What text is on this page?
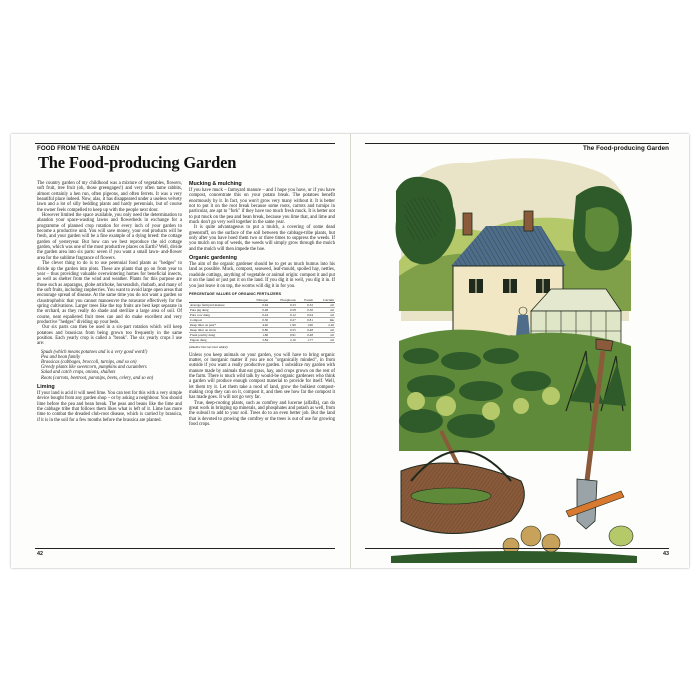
FOOD FROM THE GARDEN
The Food-producing Garden

The country garden of my childhood was a mixture of vegetables, flowers, soft fruit, tree fruit (oh, those greengages!) and very often tame rabbits, almost certainly a hen run, often pigeons, and often ferrets. It was a very beautiful place indeed. Now, alas, it has disappeared under a useless velvety lawn and a lot of silly bedding plants and hardy perennials, but of course the owner feels compelled to keep up with the people next door.

However limited the space available, you only need the determination to abandon your space-wasting lawns and flowerbeds in exchange for a programme of planned crop rotation for every inch of your garden to become a productive unit. You will save money, your end products will be fresh, and your garden will be a fine example of a dying breed: the cottage garden of yesteryear. But how can we best reproduce the old cottage garden, which was one of the most productive places on Earth? Well, divide the garden area into six parts: seven if you want a small lawn- and-flower area for the sublime fragrance of flowers.

The clever thing to do is to use perennial food plants as "hedges" to divide up the garden into plots. These are plants that go on from year to year – thus providing valuable overwintering homes for beneficial insects, as well as shelter from the wind and weather. Plants for this purpose are those such as asparagus, globe artichoke, horseradish, rhubarb, and many of the soft fruits, including raspberries. You want to avoid large open areas that encourage spread of disease. At the same time you do not want a garden so claustrophobic that you cannot manoeuvre the rotavator effectively for the spring cultivations. Larger trees like the top fruits are best kept separate in the orchard, as they really do shade and sterilize a large area of soil. Of course, neat espaliered fruit trees can and do make excellent and very productive "hedges" dividing up your beds.

Our six parts can then be used in a six-part rotation which will keep potatoes and brassicas from being grown too frequently in the same position. Each yearly crop is called a "break". The six yearly crops I use are:

Spuds (which means potatoes and is a very good word!)
Pea and bean family
Brassicas (cabbages, broccoli, turnips, and so on)
Greedy plants like sweetcorn, pumpkins and cucumbers
Salad and catch crops, onions, shallots
Roots (carrots, beetroot, parsnips, beets, celery, and so on)
Liming

If your land is acid it will need lime. You can test for this with a very simple device bought from any garden shop – or by asking a neighbour. You should lime before the pea and bean break. The peas and beans like the lime and the cabbage tribe that follows them likes what is left of it. Lime has more time to combat the dreaded club-root disease, which is carried by brassica, if it is in the soil for a few months before the brassica are planted.

Mucking & mulching

If you have muck – farmyard manure – and I hope you have, or if you have compost, concentrate this on your potato break. The potatoes benefit enormously by it. In fact, you won't grow very many without it. It is better not to put it on the root break because some roots, carrots and turnips in particular, are apt to "fork" if they have too much fresh muck. It is better not to put muck on the pea and bean break, because you lime that, and lime and muck don't go very well together in the same year.

It is quite advantageous to put a mulch, a covering of some dead greenstuff, on the surface of the soil between the cabbage-tribe plants, but only after you have hoed them two or three times to suppress the weeds. If you mulch on top of weeds, the weeds will simply grow through the mulch and the mulch will then impede the hoe.

Organic gardening

The aim of the organic gardener should be to get as much humus into his land as possible. Muck, compost, seaweed, leaf-mould, spoiled hay, nettles, roadside cuttings, anything of vegetable or animal origin: compost it and put it on the land or just put it on the land. If you dig it in well, you dig it in. If you just leave it on top, the worms will dig it in for you.

PERCENTAGE VALUES OF ORGANIC FERTILIZERS
	Nitrogen	Phosphorus	Potash	Calcium
Average farmyard manure	0.64	0.23	0.32	nil
Pure pig dung	0.48	0.58	0.36	nil
Pure cow dung	0.44	0.12	0.04	nil
Compost	0.50	0.27	0.81	mk
Deep litter on peat*	4.40	1.90	1.90	2.20
Deep litter on straw	0.80	0.55	0.48	nil
Fresh poultry dung	1.66	0.91	0.48	nil
Pigeon dung	5.84	2.10	1.77	nil
(Alkaline lime has been added)

Unless you keep animals on your garden, you will have to bring organic matter, or inorganic matter if you are not "organically minded", in from outside if you want a really productive garden. I subsidize my garden with manure made by animals that eat grass, hay, and crops grown on the rest of the farm. There is much wild talk by would-be organic gardeners who think a garden will produce enough compost material to provide for itself. Well, let them try it. Let them take a rood of land, grow the bulkiest compost-making crop they can on it, compost it, and then see how far the compost it has made goes. It will not go very far.

True, deep-rooting plants, such as comfrey and lucerne (alfalfa), can do great work in bringing up minerals, and phosphates and potash as well, from the subsoil to add to your soil. Trees do to an even better job. But the land that is devoted to growing the comfrey or the trees is out of use for growing food crops.

42
The Food-producing Garden
43
